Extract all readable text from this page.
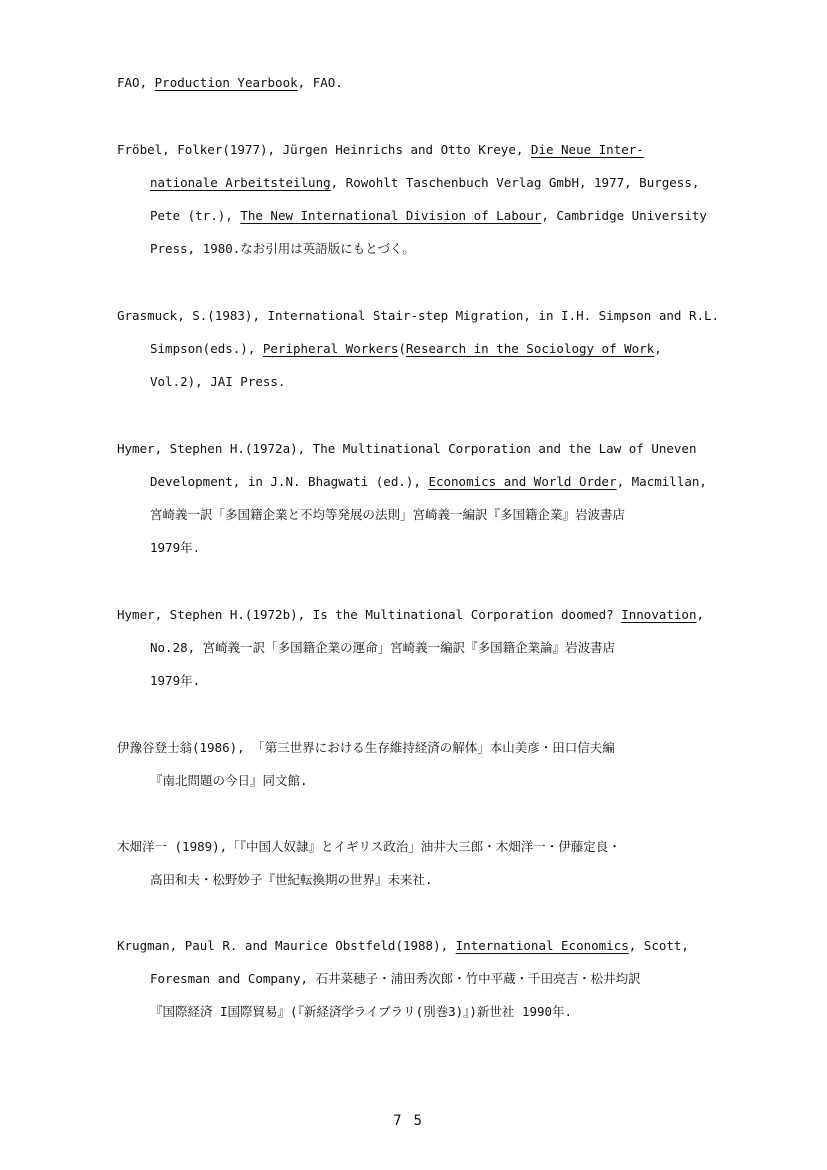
FAO, Production Yearbook, FAO.
Fröbel, Folker(1977), Jürgen Heinrichs and Otto Kreye, Die Neue Inter-
nationale Arbeitsteilung, Rowohlt Taschenbuch Verlag GmbH, 1977, Burgess,
Pete (tr.), The New International Division of Labour, Cambridge University
Press, 1980.なお引用は英語版にもとづく。
Grasmuck, S.(1983), International Stair-step Migration, in I.H. Simpson and R.L.
Simpson(eds.), Peripheral Workers(Research in the Sociology of Work,
Vol.2), JAI Press.
Hymer, Stephen H.(1972a), The Multinational Corporation and the Law of Uneven
Development, in J.N. Bhagwati (ed.), Economics and World Order, Macmillan,
宮崎義一訳「多国籍企業と不均等発展の法則」宮崎義一編訳『多国籍企業』岩波書店
1979年.
Hymer, Stephen H.(1972b), Is the Multinational Corporation doomed? Innovation,
No.28, 宮崎義一訳「多国籍企業の運命」宮崎義一編訳『多国籍企業論』岩波書店
1979年.
伊豫谷登士翁(1986), 「第三世界における生存維持経済の解体」本山美彦・田口信夫編
『南北問題の今日』同文館.
木畑洋一 (1989),「『中国人奴隷』とイギリス政治」油井大三郎・木畑洋一・伊藤定良・
高田和夫・松野妙子『世紀転換期の世界』未来社.
Krugman, Paul R. and Maurice Obstfeld(1988), International Economics, Scott,
Foresman and Company, 石井菜穂子・浦田秀次郎・竹中平蔵・千田亮吉・松井均訳
『国際経済 I国際貿易』(『新経済学ライブラリ(別巻3)』)新世社 1990年.
75
